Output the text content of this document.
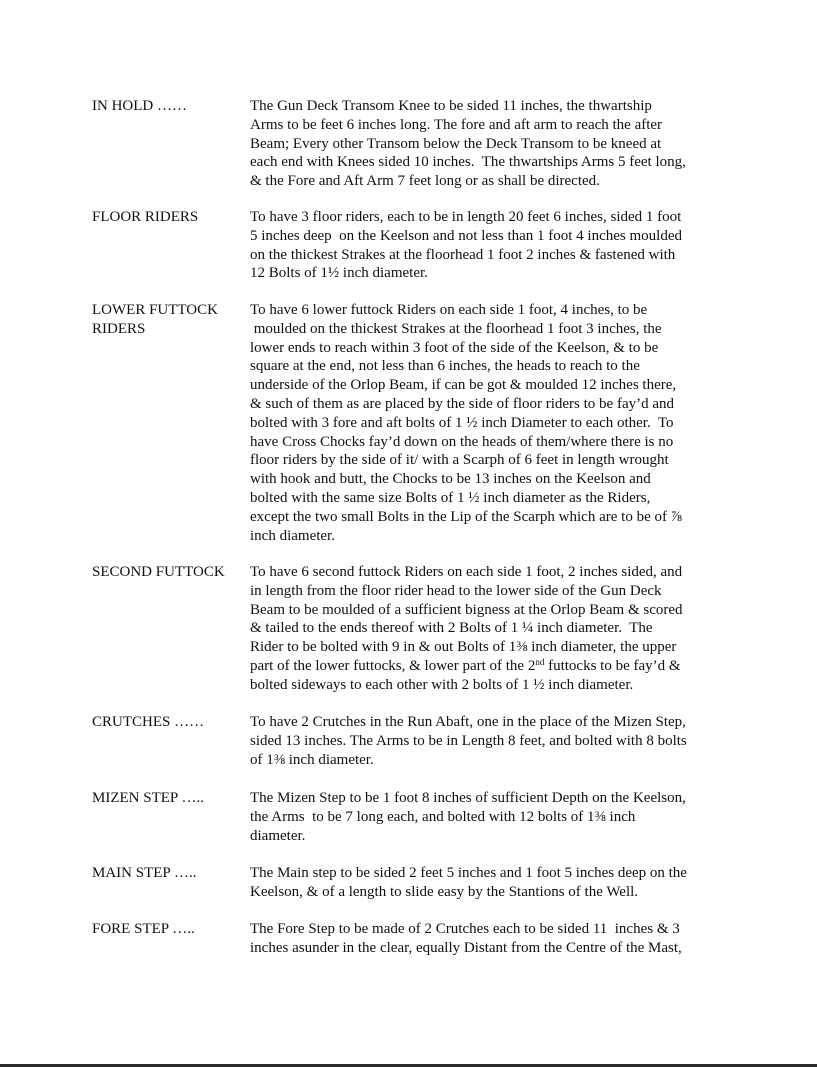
IN HOLD ……	The Gun Deck Transom Knee to be sided 11 inches, the thwartship
Arms to be feet 6 inches long. The fore and aft arm to reach the after
Beam; Every other Transom below the Deck Transom to be kneed at
each end with Knees sided 10 inches.  The thwartships Arms 5 feet long,
& the Fore and Aft Arm 7 feet long or as shall be directed.
FLOOR RIDERS	To have 3 floor riders, each to be in length 20 feet 6 inches, sided 1 foot
5 inches deep  on the Keelson and not less than 1 foot 4 inches moulded
on the thickest Strakes at the floorhead 1 foot 2 inches & fastened with
12 Bolts of 1½ inch diameter.
LOWER FUTTOCK
RIDERS
To have 6 lower futtock Riders on each side 1 foot, 4 inches, to be
moulded on the thickest Strakes at the floorhead 1 foot 3 inches, the
lower ends to reach within 3 foot of the side of the Keelson, & to be
square at the end, not less than 6 inches, the heads to reach to the
underside of the Orlop Beam, if can be got & moulded 12 inches there,
& such of them as are placed by the side of floor riders to be fay’d and
bolted with 3 fore and aft bolts of 1 ½ inch Diameter to each other.  To
have Cross Chocks fay’d down on the heads of them/where there is no
floor riders by the side of it/ with a Scarph of 6 feet in length wrought
with hook and butt, the Chocks to be 13 inches on the Keelson and
bolted with the same size Bolts of 1 ½ inch diameter as the Riders,
except the two small Bolts in the Lip of the Scarph which are to be of ⅞
inch diameter.
SECOND FUTTOCK	To have 6 second futtock Riders on each side 1 foot, 2 inches sided, and
in length from the floor rider head to the lower side of the Gun Deck
Beam to be moulded of a sufficient bigness at the Orlop Beam & scored
& tailed to the ends thereof with 2 Bolts of 1 ¼ inch diameter.  The
Rider to be bolted with 9 in & out Bolts of 1⅜ inch diameter, the upper
part of the lower futtocks, & lower part of the 2nd futtocks to be fay’d &
bolted sideways to each other with 2 bolts of 1 ½ inch diameter.
CRUTCHES ……	To have 2 Crutches in the Run Abaft, one in the place of the Mizen Step,
sided 13 inches. The Arms to be in Length 8 feet, and bolted with 8 bolts
of 1⅜ inch diameter.
MIZEN STEP …..	The Mizen Step to be 1 foot 8 inches of sufficient Depth on the Keelson,
the Arms  to be 7 long each, and bolted with 12 bolts of 1⅜ inch
diameter.
MAIN STEP …..	The Main step to be sided 2 feet 5 inches and 1 foot 5 inches deep on the
Keelson, & of a length to slide easy by the Stantions of the Well.
FORE STEP …..	The Fore Step to be made of 2 Crutches each to be sided 11  inches & 3
inches asunder in the clear, equally Distant from the Centre of the Mast,
